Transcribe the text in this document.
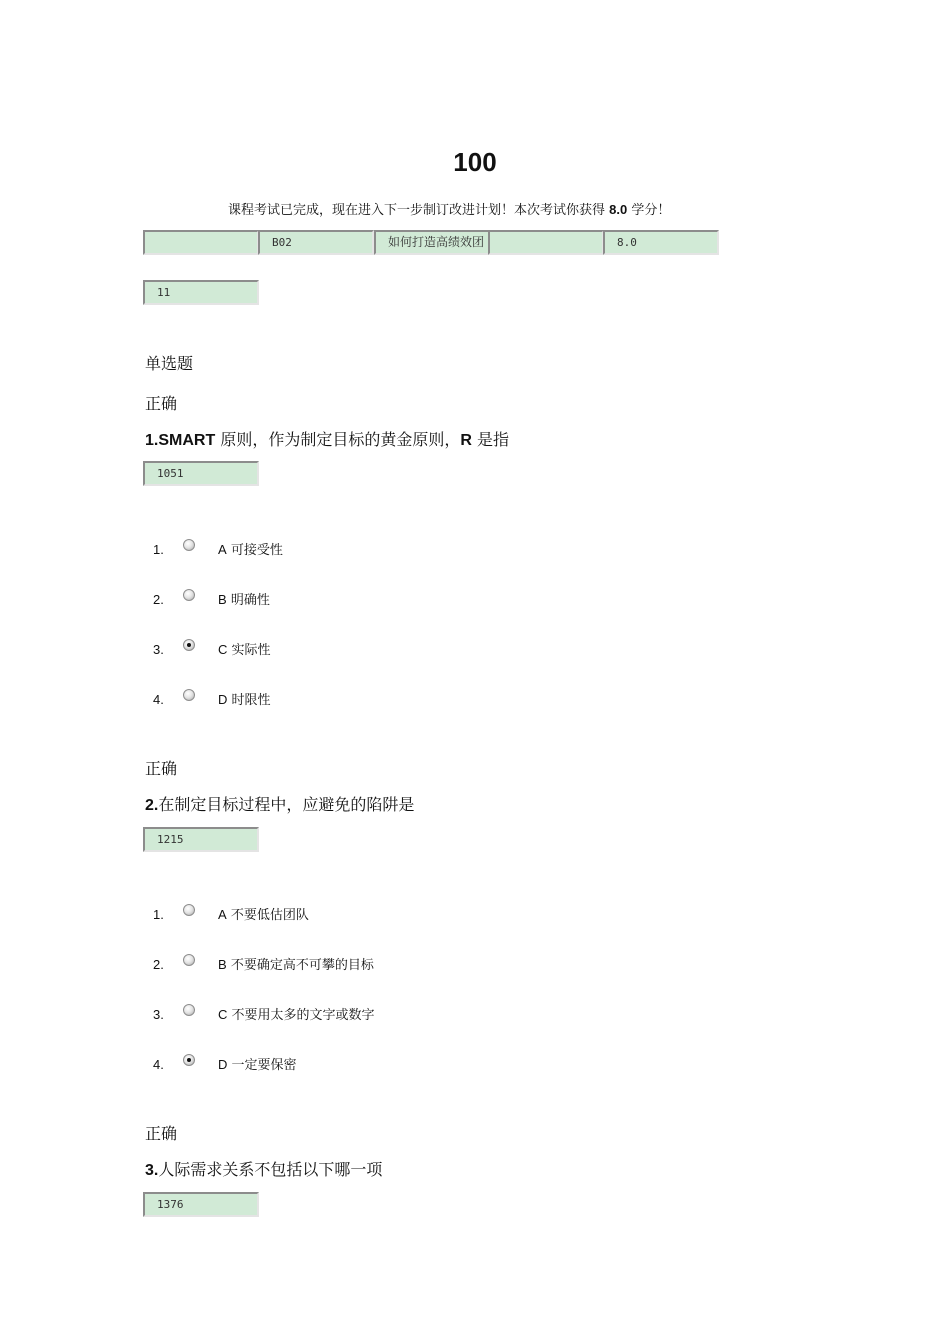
100
课程考试已完成，现在进入下一步制订改进计划！本次考试你获得 8.0 学分！
B02	如何打造高绩效团	8.0
11
单选题
正确
1.SMART 原则，作为制定目标的黄金原则，R 是指
1051
1.	A 可接受性
2.	B 明确性
3.	C 实际性
4.	D 时限性
正确
2.在制定目标过程中，应避免的陷阱是
1215
1.	A 不要低估团队
2.	B 不要确定高不可攀的目标
3.	C 不要用太多的文字或数字
4.	D 一定要保密
正确
3.人际需求关系不包括以下哪一项
1376
